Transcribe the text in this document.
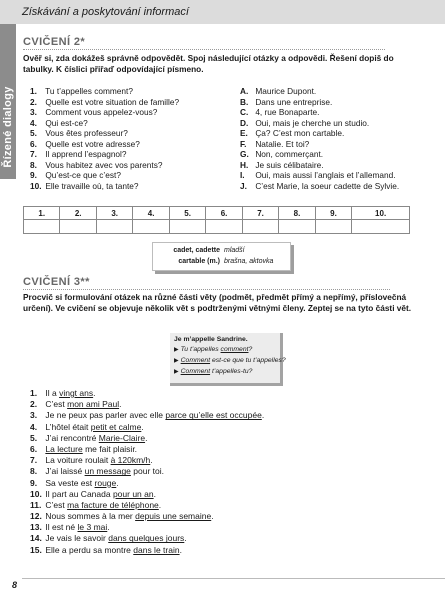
Získávání a poskytování informací
Řízené dialogy
CVIČENÍ 2*
Ověř si, zda dokážeš správně odpovědět. Spoj následující otázky a odpovědi. Řešení dopiš do tabulky. K číslici přiřaď odpovídající písmeno.
1. Tu t’appelles comment?
2. Quelle est votre situation de famille?
3. Comment vous appelez-vous?
4. Qui est-ce?
5. Vous êtes professeur?
6. Quelle est votre adresse?
7. Il apprend l’espagnol?
8. Vous habitez avec vos parents?
9. Qu’est-ce que c’est?
10. Elle travaille où, ta tante?
A. Maurice Dupont.
B. Dans une entreprise.
C. 4, rue Bonaparte.
D. Oui, mais je cherche un studio.
E. Ça? C’est mon cartable.
F. Natalie. Et toi?
G. Non, commerçant.
H. Je suis célibataire.
I. Oui, mais aussi l’anglais et l’allemand.
J. C’est Marie, la soeur cadette de Sylvie.
1.	2.	3.	4.	5.	6.	7.	8.	9.	10.

cadet, cadette mladší
cartable (m.) brašna, aktovka
CVIČENÍ 3**
Procvič si formulování otázek na různé části věty (podmět, předmět přímý a nepřímý, příslovečná určení). Ve cvičení se objevuje několik vět s podtrženými větnými členy. Zeptej se na tyto části vět.
Je m’appelle Sandrine.
▶ Tu t’appelles comment?
▶ Comment est-ce que tu t’appelles?
▶ Comment t’appelles-tu?
1. Il a vingt ans.
2. C’est mon ami Paul.
3. Je ne peux pas parler avec elle parce qu’elle est occupée.
4. L’hôtel était petit et calme.
5. J’ai rencontré Marie-Claire.
6. La lecture me fait plaisir.
7. La voiture roulait à 120km/h.
8. J’ai laissé un message pour toi.
9. Sa veste est rouge.
10. Il part au Canada pour un an.
11. C’est ma facture de téléphone.
12. Nous sommes à la mer depuis une semaine.
13. Il est né le 3 mai.
14. Je vais le savoir dans quelques jours.
15. Elle a perdu sa montre dans le train.
8
